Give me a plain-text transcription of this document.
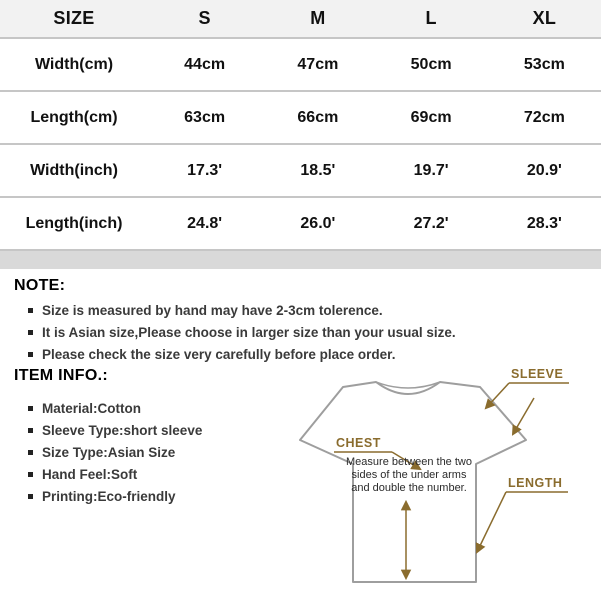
SIZE	S	M	L	XL
Width(cm)	44cm	47cm	50cm	53cm
Length(cm)	63cm	66cm	69cm	72cm
Width(inch)	17.3'	18.5'	19.7'	20.9'
Length(inch)	24.8'	26.0'	27.2'	28.3'
NOTE:
Size is measured by hand may have 2-3cm tolerence.
It is Asian size,Please choose in larger size than your usual size.
Please check the size very carefully before place order.
ITEM INFO.:
Material:Cotton
Sleeve Type:short sleeve
Size Type:Asian Size
Hand Feel:Soft
Printing:Eco-friendly
SLEEVE
CHEST
LENGTH
Measure between the two sides of the under arms and double the number.
